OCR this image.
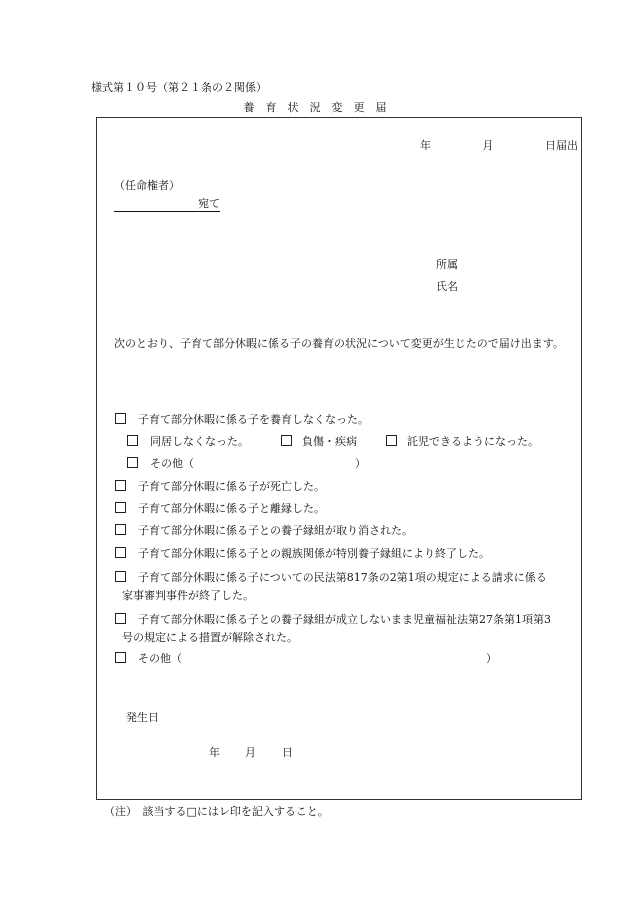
様式第１０号（第２１条の２関係）
養　育　状　況　変　更　届
年	月	日届出
（任命権者）
宛て
所属
氏名
次のとおり、子育て部分休暇に係る子の養育の状況について変更が生じたので届け出ます。
子育て部分休暇に係る子を養育しなくなった。
同居しなくなった。	負傷・疾病	託児できるようになった。
その他（	）
子育て部分休暇に係る子が死亡した。
子育て部分休暇に係る子と離縁した。
子育て部分休暇に係る子との養子縁組が取り消された。
子育て部分休暇に係る子との親族関係が特別養子縁組により終了した。
子育て部分休暇に係る子についての民法第817条の2第1項の規定による請求に係る
家事審判事件が終了した。
子育て部分休暇に係る子との養子縁組が成立しないまま児童福祉法第27条第1項第3
号の規定による措置が解除された。
その他（	）
発生日
年 月 日
（注）　該当する□にはレ印を記入すること。
